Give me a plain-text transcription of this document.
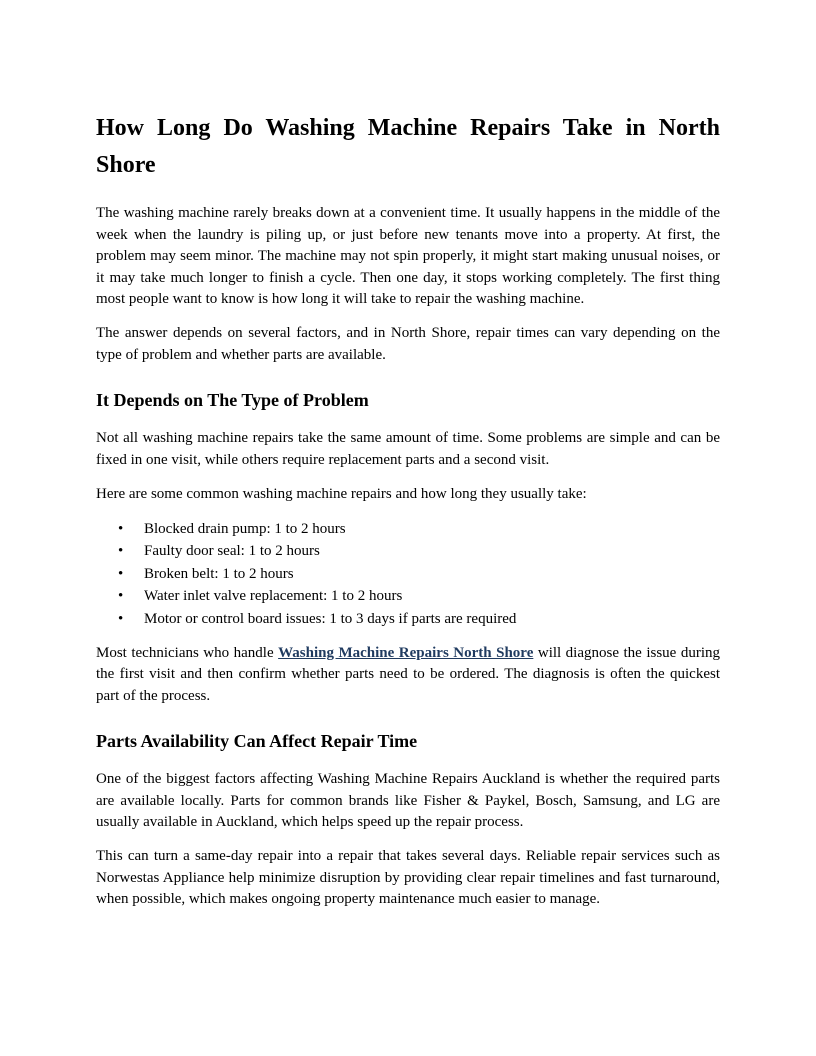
How Long Do Washing Machine Repairs Take in North Shore

The washing machine rarely breaks down at a convenient time. It usually happens in the middle of the week when the laundry is piling up, or just before new tenants move into a property. At first, the problem may seem minor. The machine may not spin properly, it might start making unusual noises, or it may take much longer to finish a cycle. Then one day, it stops working completely. The first thing most people want to know is how long it will take to repair the washing machine.

The answer depends on several factors, and in North Shore, repair times can vary depending on the type of problem and whether parts are available.

It Depends on The Type of Problem

Not all washing machine repairs take the same amount of time. Some problems are simple and can be fixed in one visit, while others require replacement parts and a second visit.

Here are some common washing machine repairs and how long they usually take:

• Blocked drain pump: 1 to 2 hours
• Faulty door seal: 1 to 2 hours
• Broken belt: 1 to 2 hours
• Water inlet valve replacement: 1 to 2 hours
• Motor or control board issues: 1 to 3 days if parts are required

Most technicians who handle Washing Machine Repairs North Shore will diagnose the issue during the first visit and then confirm whether parts need to be ordered. The diagnosis is often the quickest part of the process.

Parts Availability Can Affect Repair Time

One of the biggest factors affecting Washing Machine Repairs Auckland is whether the required parts are available locally. Parts for common brands like Fisher & Paykel, Bosch, Samsung, and LG are usually available in Auckland, which helps speed up the repair process.

This can turn a same-day repair into a repair that takes several days. Reliable repair services such as Norwestas Appliance help minimize disruption by providing clear repair timelines and fast turnaround, when possible, which makes ongoing property maintenance much easier to manage.
